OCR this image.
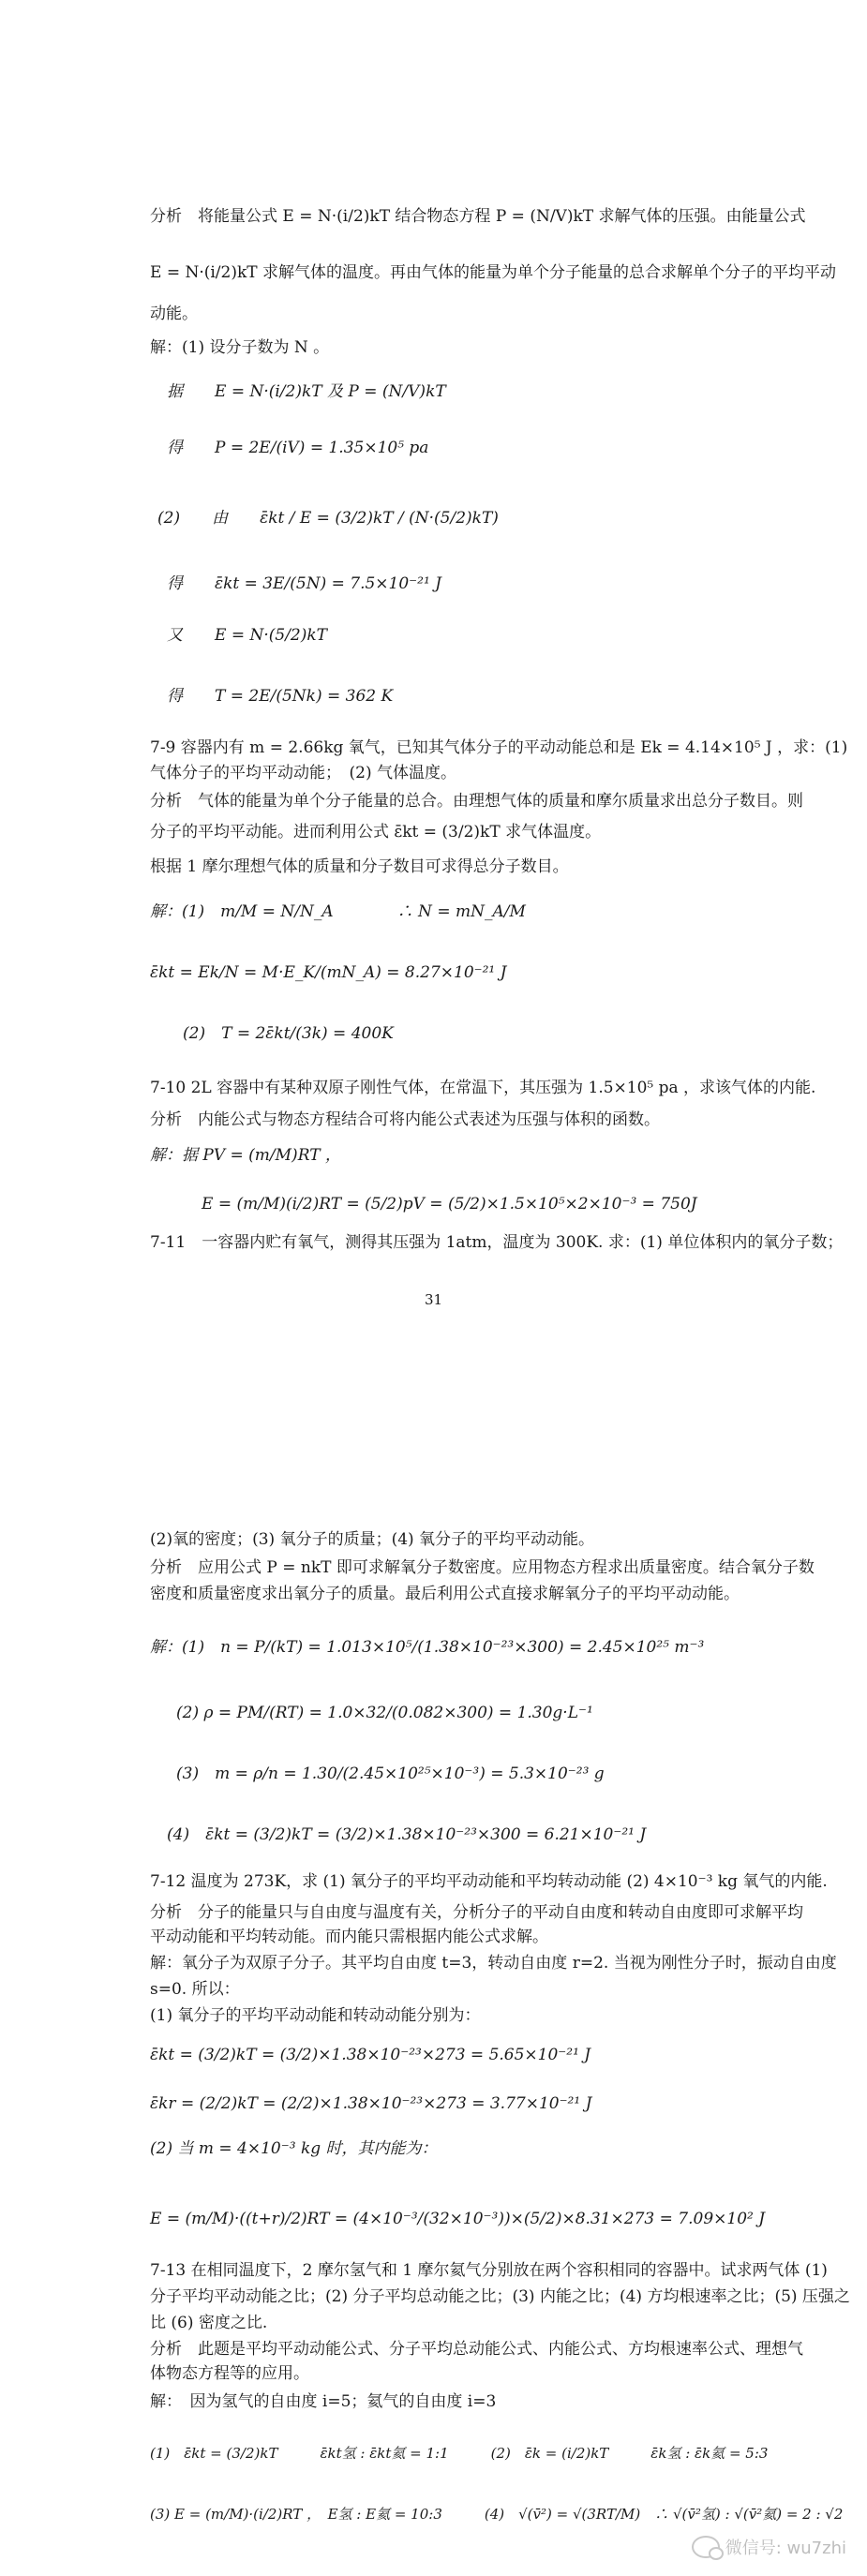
分析　将能量公式 E = N·(i/2)kT 结合物态方程 P = (N/V)kT 求解气体的压强。由能量公式
E = N·(i/2)kT 求解气体的温度。再由气体的能量为单个分子能量的总合求解单个分子的平均平动
动能。
解：(1) 设分子数为 N 。
据　　E = N·(i/2)kT 及 P = (N/V)kT
得　　P = 2E/(iV) = 1.35×10⁵ pa
(2)　　由　　ε̄kt / E = (3/2)kT / (N·(5/2)kT)
得　　ε̄kt = 3E/(5N) = 7.5×10⁻²¹ J
又　　E = N·(5/2)kT
得　　T = 2E/(5Nk) = 362 K
7-9 容器内有 m = 2.66kg 氧气，已知其气体分子的平动动能总和是 Ek = 4.14×10⁵ J ，求：(1)
气体分子的平均平动动能；　(2) 气体温度。
分析　气体的能量为单个分子能量的总合。由理想气体的质量和摩尔质量求出总分子数目。则
分子的平均平动能。进而利用公式 ε̄kt = (3/2)kT 求气体温度。
根据 1 摩尔理想气体的质量和分子数目可求得总分子数目。
解：(1)　m/M = N/N_A　　　　∴ N = mN_A/M
ε̄kt = Ek/N = M·E_K/(mN_A) = 8.27×10⁻²¹ J
(2)　T = 2ε̄kt/(3k) = 400K
7-10 2L 容器中有某种双原子刚性气体，在常温下，其压强为 1.5×10⁵ pa ，求该气体的内能.
分析　内能公式与物态方程结合可将内能公式表述为压强与体积的函数。
解：据 PV = (m/M)RT ，
E = (m/M)(i/2)RT = (5/2)pV = (5/2)×1.5×10⁵×2×10⁻³ = 750J
7-11　一容器内贮有氧气，测得其压强为 1atm，温度为 300K. 求：(1) 单位体积内的氧分子数；
31
(2)氧的密度；(3) 氧分子的质量；(4) 氧分子的平均平动动能。
分析　应用公式 P = nkT 即可求解氧分子数密度。应用物态方程求出质量密度。结合氧分子数
密度和质量密度求出氧分子的质量。最后利用公式直接求解氧分子的平均平动动能。
解：(1)　n = P/(kT) = 1.013×10⁵/(1.38×10⁻²³×300) = 2.45×10²⁵ m⁻³
(2) ρ = PM/(RT) = 1.0×32/(0.082×300) = 1.30g·L⁻¹
(3)　m = ρ/n = 1.30/(2.45×10²⁵×10⁻³) = 5.3×10⁻²³ g
(4)　ε̄kt = (3/2)kT = (3/2)×1.38×10⁻²³×300 = 6.21×10⁻²¹ J
7-12 温度为 273K，求 (1) 氧分子的平均平动动能和平均转动动能 (2) 4×10⁻³ kg 氧气的内能.
分析　分子的能量只与自由度与温度有关，分析分子的平动自由度和转动自由度即可求解平均
平动动能和平均转动能。而内能只需根据内能公式求解。
解：氧分子为双原子分子。其平均自由度 t=3，转动自由度 r=2. 当视为刚性分子时，振动自由度
s=0. 所以：
(1) 氧分子的平均平动动能和转动动能分别为：
ε̄kt = (3/2)kT = (3/2)×1.38×10⁻²³×273 = 5.65×10⁻²¹ J
ε̄kr = (2/2)kT = (2/2)×1.38×10⁻²³×273 = 3.77×10⁻²¹ J
(2) 当 m = 4×10⁻³ kg 时，其内能为：
E = (m/M)·((t+r)/2)RT = (4×10⁻³/(32×10⁻³))×(5/2)×8.31×273 = 7.09×10² J
7-13 在相同温度下，2 摩尔氢气和 1 摩尔氦气分别放在两个容积相同的容器中。试求两气体 (1)
分子平均平动动能之比；(2) 分子平均总动能之比；(3) 内能之比；(4) 方均根速率之比；(5) 压强之
比 (6) 密度之比.
分析　此题是平均平动动能公式、分子平均总动能公式、内能公式、方均根速率公式、理想气
体物态方程等的应用。
解：　因为氢气的自由度 i=5；氦气的自由度 i=3
(1)　ε̄kt = (3/2)kT　　　ε̄kt氢 : ε̄kt氦 = 1:1　　　(2)　ε̄k = (i/2)kT　　　ε̄k氢 : ε̄k氦 = 5:3
(3) E = (m/M)·(i/2)RT ，　E氢 : E氦 = 10:3　　　(4)　√(v̄²) = √(3RT/M)　∴ √(v̄²氢) : √(v̄²氦) = 2 : √2
微信号: wu7zhi
